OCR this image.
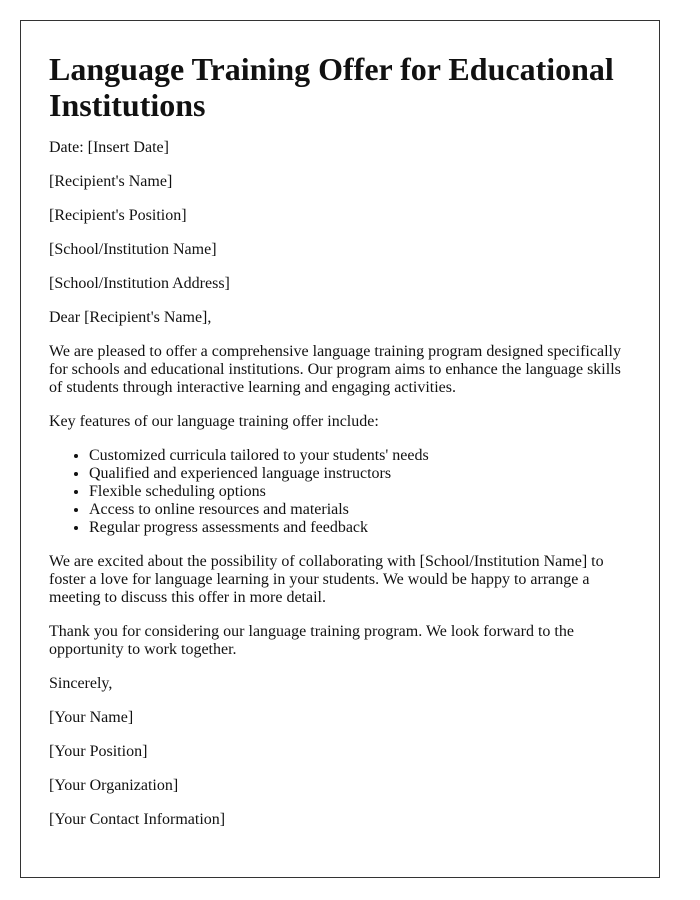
Language Training Offer for Educational Institutions

Date: [Insert Date]

[Recipient's Name]

[Recipient's Position]

[School/Institution Name]

[School/Institution Address]

Dear [Recipient's Name],

We are pleased to offer a comprehensive language training program designed specifically for schools and educational institutions. Our program aims to enhance the language skills of students through interactive learning and engaging activities.

Key features of our language training offer include:

• Customized curricula tailored to your students' needs
• Qualified and experienced language instructors
• Flexible scheduling options
• Access to online resources and materials
• Regular progress assessments and feedback

We are excited about the possibility of collaborating with [School/Institution Name] to foster a love for language learning in your students. We would be happy to arrange a meeting to discuss this offer in more detail.

Thank you for considering our language training program. We look forward to the opportunity to work together.

Sincerely,

[Your Name]

[Your Position]

[Your Organization]

[Your Contact Information]
